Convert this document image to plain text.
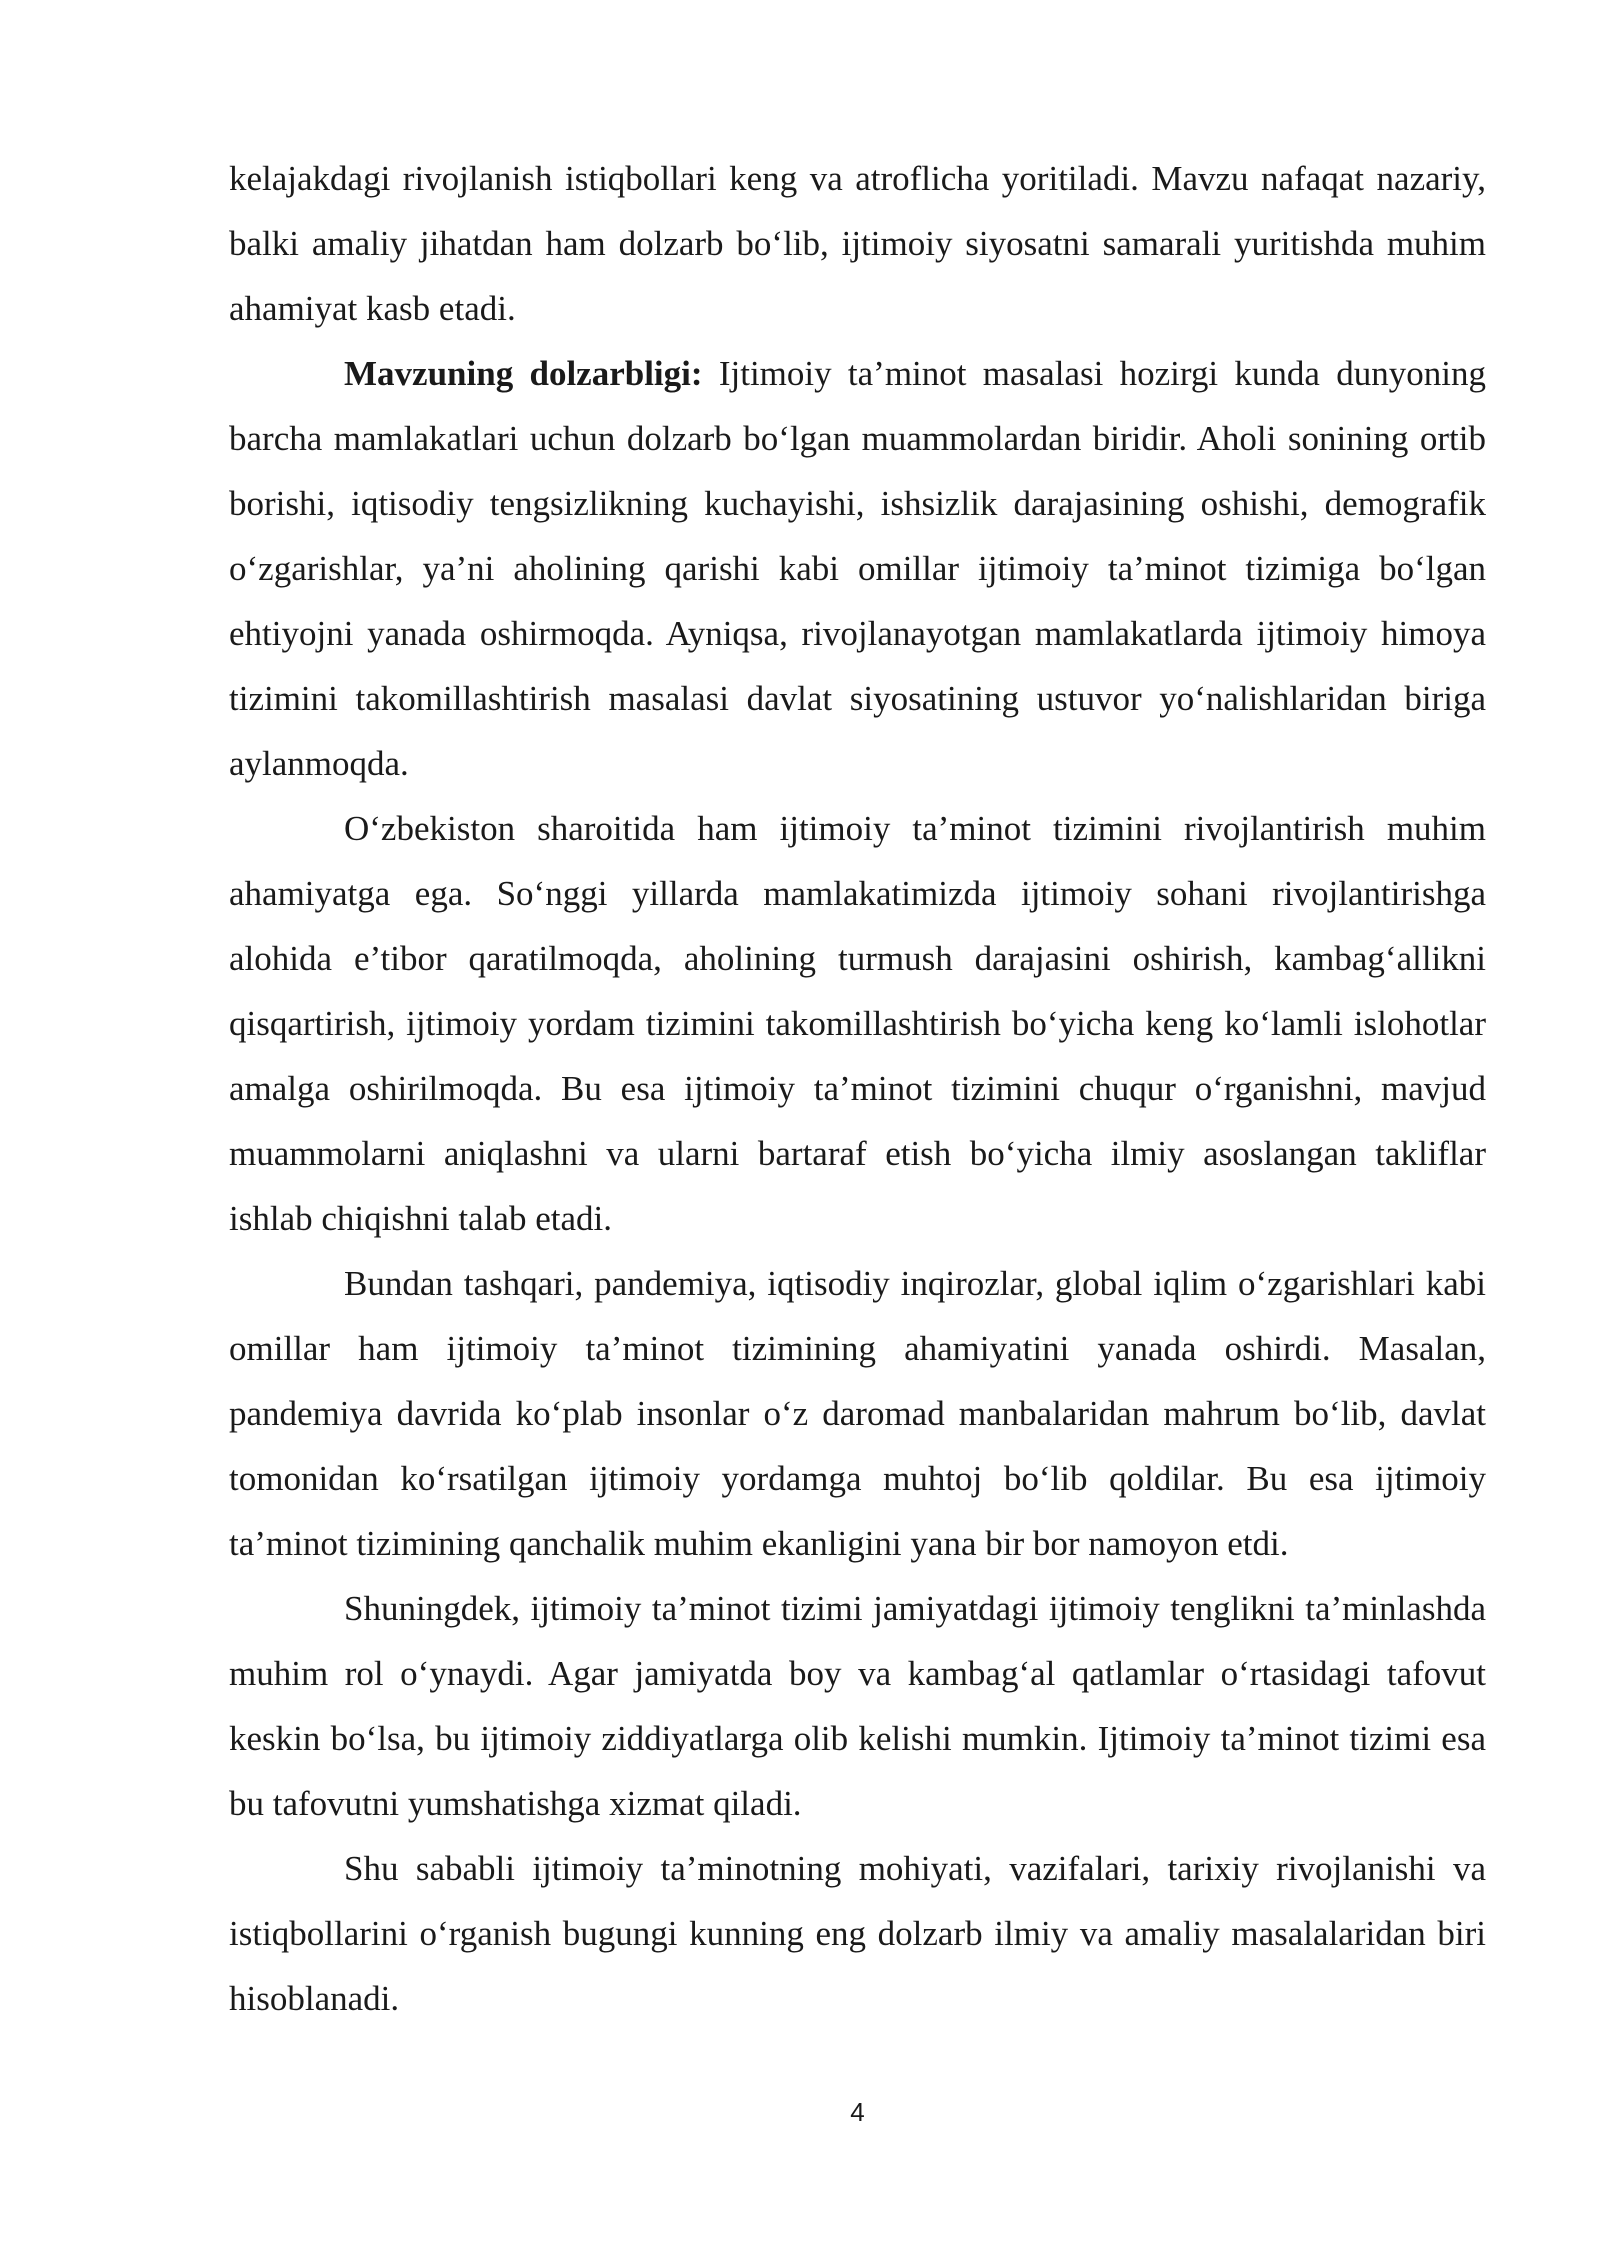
kelajakdagi rivojlanish istiqbollari keng va atroflicha yoritiladi. Mavzu nafaqat nazariy, balki amaliy jihatdan ham dolzarb bo‘lib, ijtimoiy siyosatni samarali yuritishda muhim ahamiyat kasb etadi.

Mavzuning dolzarbligi: Ijtimoiy ta’minot masalasi hozirgi kunda dunyoning barcha mamlakatlari uchun dolzarb bo‘lgan muammolardan biridir. Aholi sonining ortib borishi, iqtisodiy tengsizlikning kuchayishi, ishsizlik darajasining oshishi, demografik o‘zgarishlar, ya’ni aholining qarishi kabi omillar ijtimoiy ta’minot tizimiga bo‘lgan ehtiyojni yanada oshirmoqda. Ayniqsa, rivojlanayotgan mamlakatlarda ijtimoiy himoya tizimini takomillashtirish masalasi davlat siyosatining ustuvor yo‘nalishlaridan biriga aylanmoqda.

O‘zbekiston sharoitida ham ijtimoiy ta’minot tizimini rivojlantirish muhim ahamiyatga ega. So‘nggi yillarda mamlakatimizda ijtimoiy sohani rivojlantirishga alohida e’tibor qaratilmoqda, aholining turmush darajasini oshirish, kambag‘allikni qisqartirish, ijtimoiy yordam tizimini takomillashtirish bo‘yicha keng ko‘lamli islohotlar amalga oshirilmoqda. Bu esa ijtimoiy ta’minot tizimini chuqur o‘rganishni, mavjud muammolarni aniqlashni va ularni bartaraf etish bo‘yicha ilmiy asoslangan takliflar ishlab chiqishni talab etadi.

Bundan tashqari, pandemiya, iqtisodiy inqirozlar, global iqlim o‘zgarishlari kabi omillar ham ijtimoiy ta’minot tizimining ahamiyatini yanada oshirdi. Masalan, pandemiya davrida ko‘plab insonlar o‘z daromad manbalaridan mahrum bo‘lib, davlat tomonidan ko‘rsatilgan ijtimoiy yordamga muhtoj bo‘lib qoldilar. Bu esa ijtimoiy ta’minot tizimining qanchalik muhim ekanligini yana bir bor namoyon etdi.

Shuningdek, ijtimoiy ta’minot tizimi jamiyatdagi ijtimoiy tenglikni ta’minlashda muhim rol o‘ynaydi. Agar jamiyatda boy va kambag‘al qatlamlar o‘rtasidagi tafovut keskin bo‘lsa, bu ijtimoiy ziddiyatlarga olib kelishi mumkin. Ijtimoiy ta’minot tizimi esa bu tafovutni yumshatishga xizmat qiladi.

Shu sababli ijtimoiy ta’minotning mohiyati, vazifalari, tarixiy rivojlanishi va istiqbollarini o‘rganish bugungi kunning eng dolzarb ilmiy va amaliy masalalaridan biri hisoblanadi.

4
